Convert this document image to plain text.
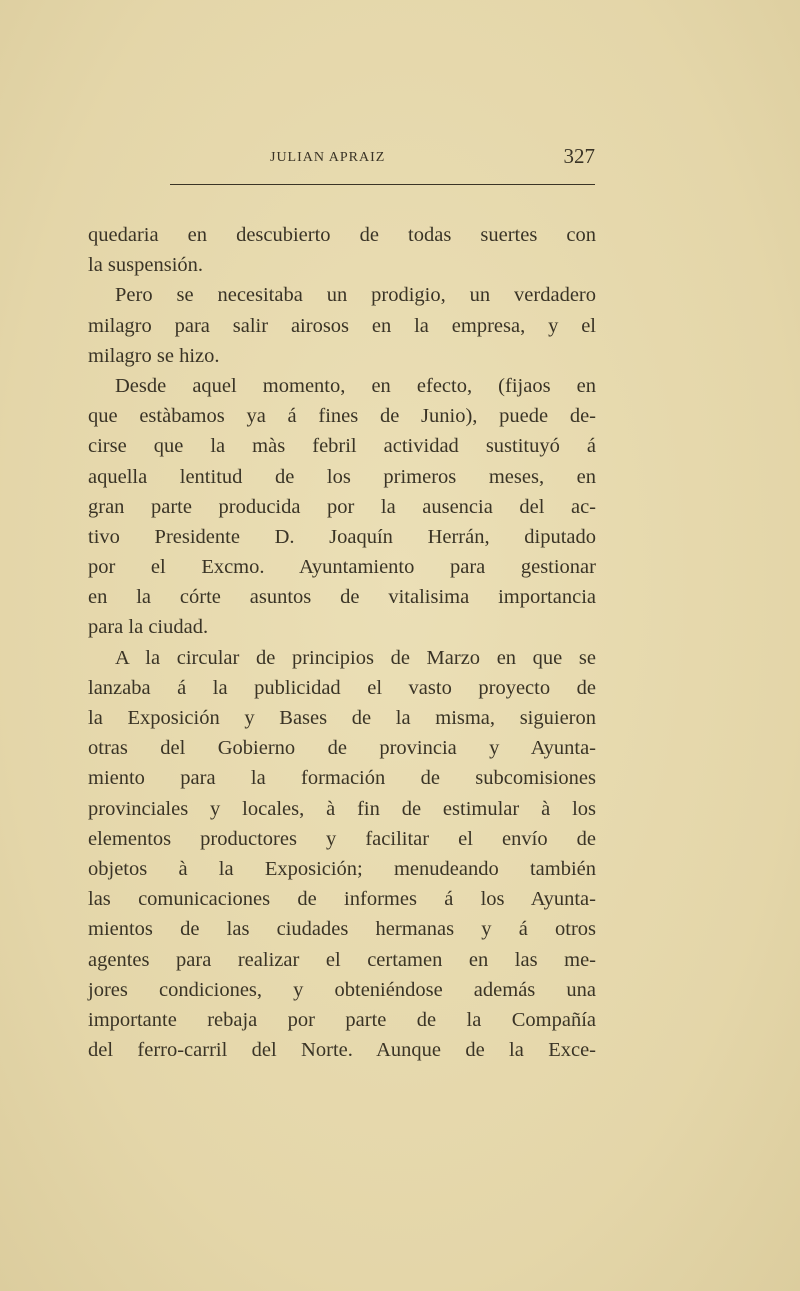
JULIAN APRAIZ	327
quedaria en descubierto de todas suertes con
la suspensión.
Pero se necesitaba un prodigio, un verdadero
milagro para salir airosos en la empresa, y el
milagro se hizo.
Desde aquel momento, en efecto, (fijaos en
que estàbamos ya á fines de Junio), puede de-
cirse que la màs febril actividad sustituyó á
aquella lentitud de los primeros meses, en
gran parte producida por la ausencia del ac-
tivo Presidente D. Joaquín Herrán, diputado
por el Excmo. Ayuntamiento para gestionar
en la córte asuntos de vitalisima importancia
para la ciudad.
A la circular de principios de Marzo en que se
lanzaba á la publicidad el vasto proyecto de
la Exposición y Bases de la misma, siguieron
otras del Gobierno de provincia y Ayunta-
miento para la formación de subcomisiones
provinciales y locales, à fin de estimular à los
elementos productores y facilitar el envío de
objetos à la Exposición; menudeando también
las comunicaciones de informes á los Ayunta-
mientos de las ciudades hermanas y á otros
agentes para realizar el certamen en las me-
jores condiciones, y obteniéndose además una
importante rebaja por parte de la Compañía
del ferro-carril del Norte. Aunque de la Exce-
